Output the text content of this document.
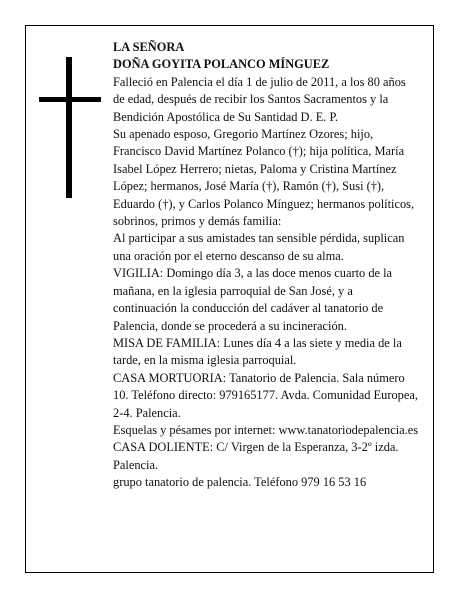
LA SEÑORA

DOÑA GOYITA POLANCO MÍNGUEZ

Falleció en Palencia el día 1 de julio de 2011, a los 80 años de edad, después de recibir los Santos Sacramentos y la Bendición Apostólica de Su Santidad D. E. P.

Su apenado esposo, Gregorio Martínez Ozores; hijo, Francisco David Martínez Polanco (†); hija política, María Isabel López Herrero; nietas, Paloma y Cristina Martínez López; hermanos, José María (†), Ramón (†), Susi (†), Eduardo (†), y Carlos Polanco Mínguez; hermanos políticos, sobrinos, primos y demás familia:

Al participar a sus amistades tan sensible pérdida, suplican una oración por el eterno descanso de su alma.

VIGILIA: Domingo día 3, a las doce menos cuarto de la mañana, en la iglesia parroquial de San José, y a continuación la conducción del cadáver al tanatorio de Palencia, donde se procederá a su incineración.

MISA DE FAMILIA: Lunes día 4 a las siete y media de la tarde, en la misma iglesia parroquial.

CASA MORTUORIA: Tanatorio de Palencia. Sala número 10. Teléfono directo: 979165177. Avda. Comunidad Europea, 2-4. Palencia.

Esquelas y pésames por internet: www.tanatoriodepalencia.es

CASA DOLIENTE: C/ Virgen de la Esperanza, 3-2º izda. Palencia.

grupo tanatorio de palencia. Teléfono 979 16 53 16
